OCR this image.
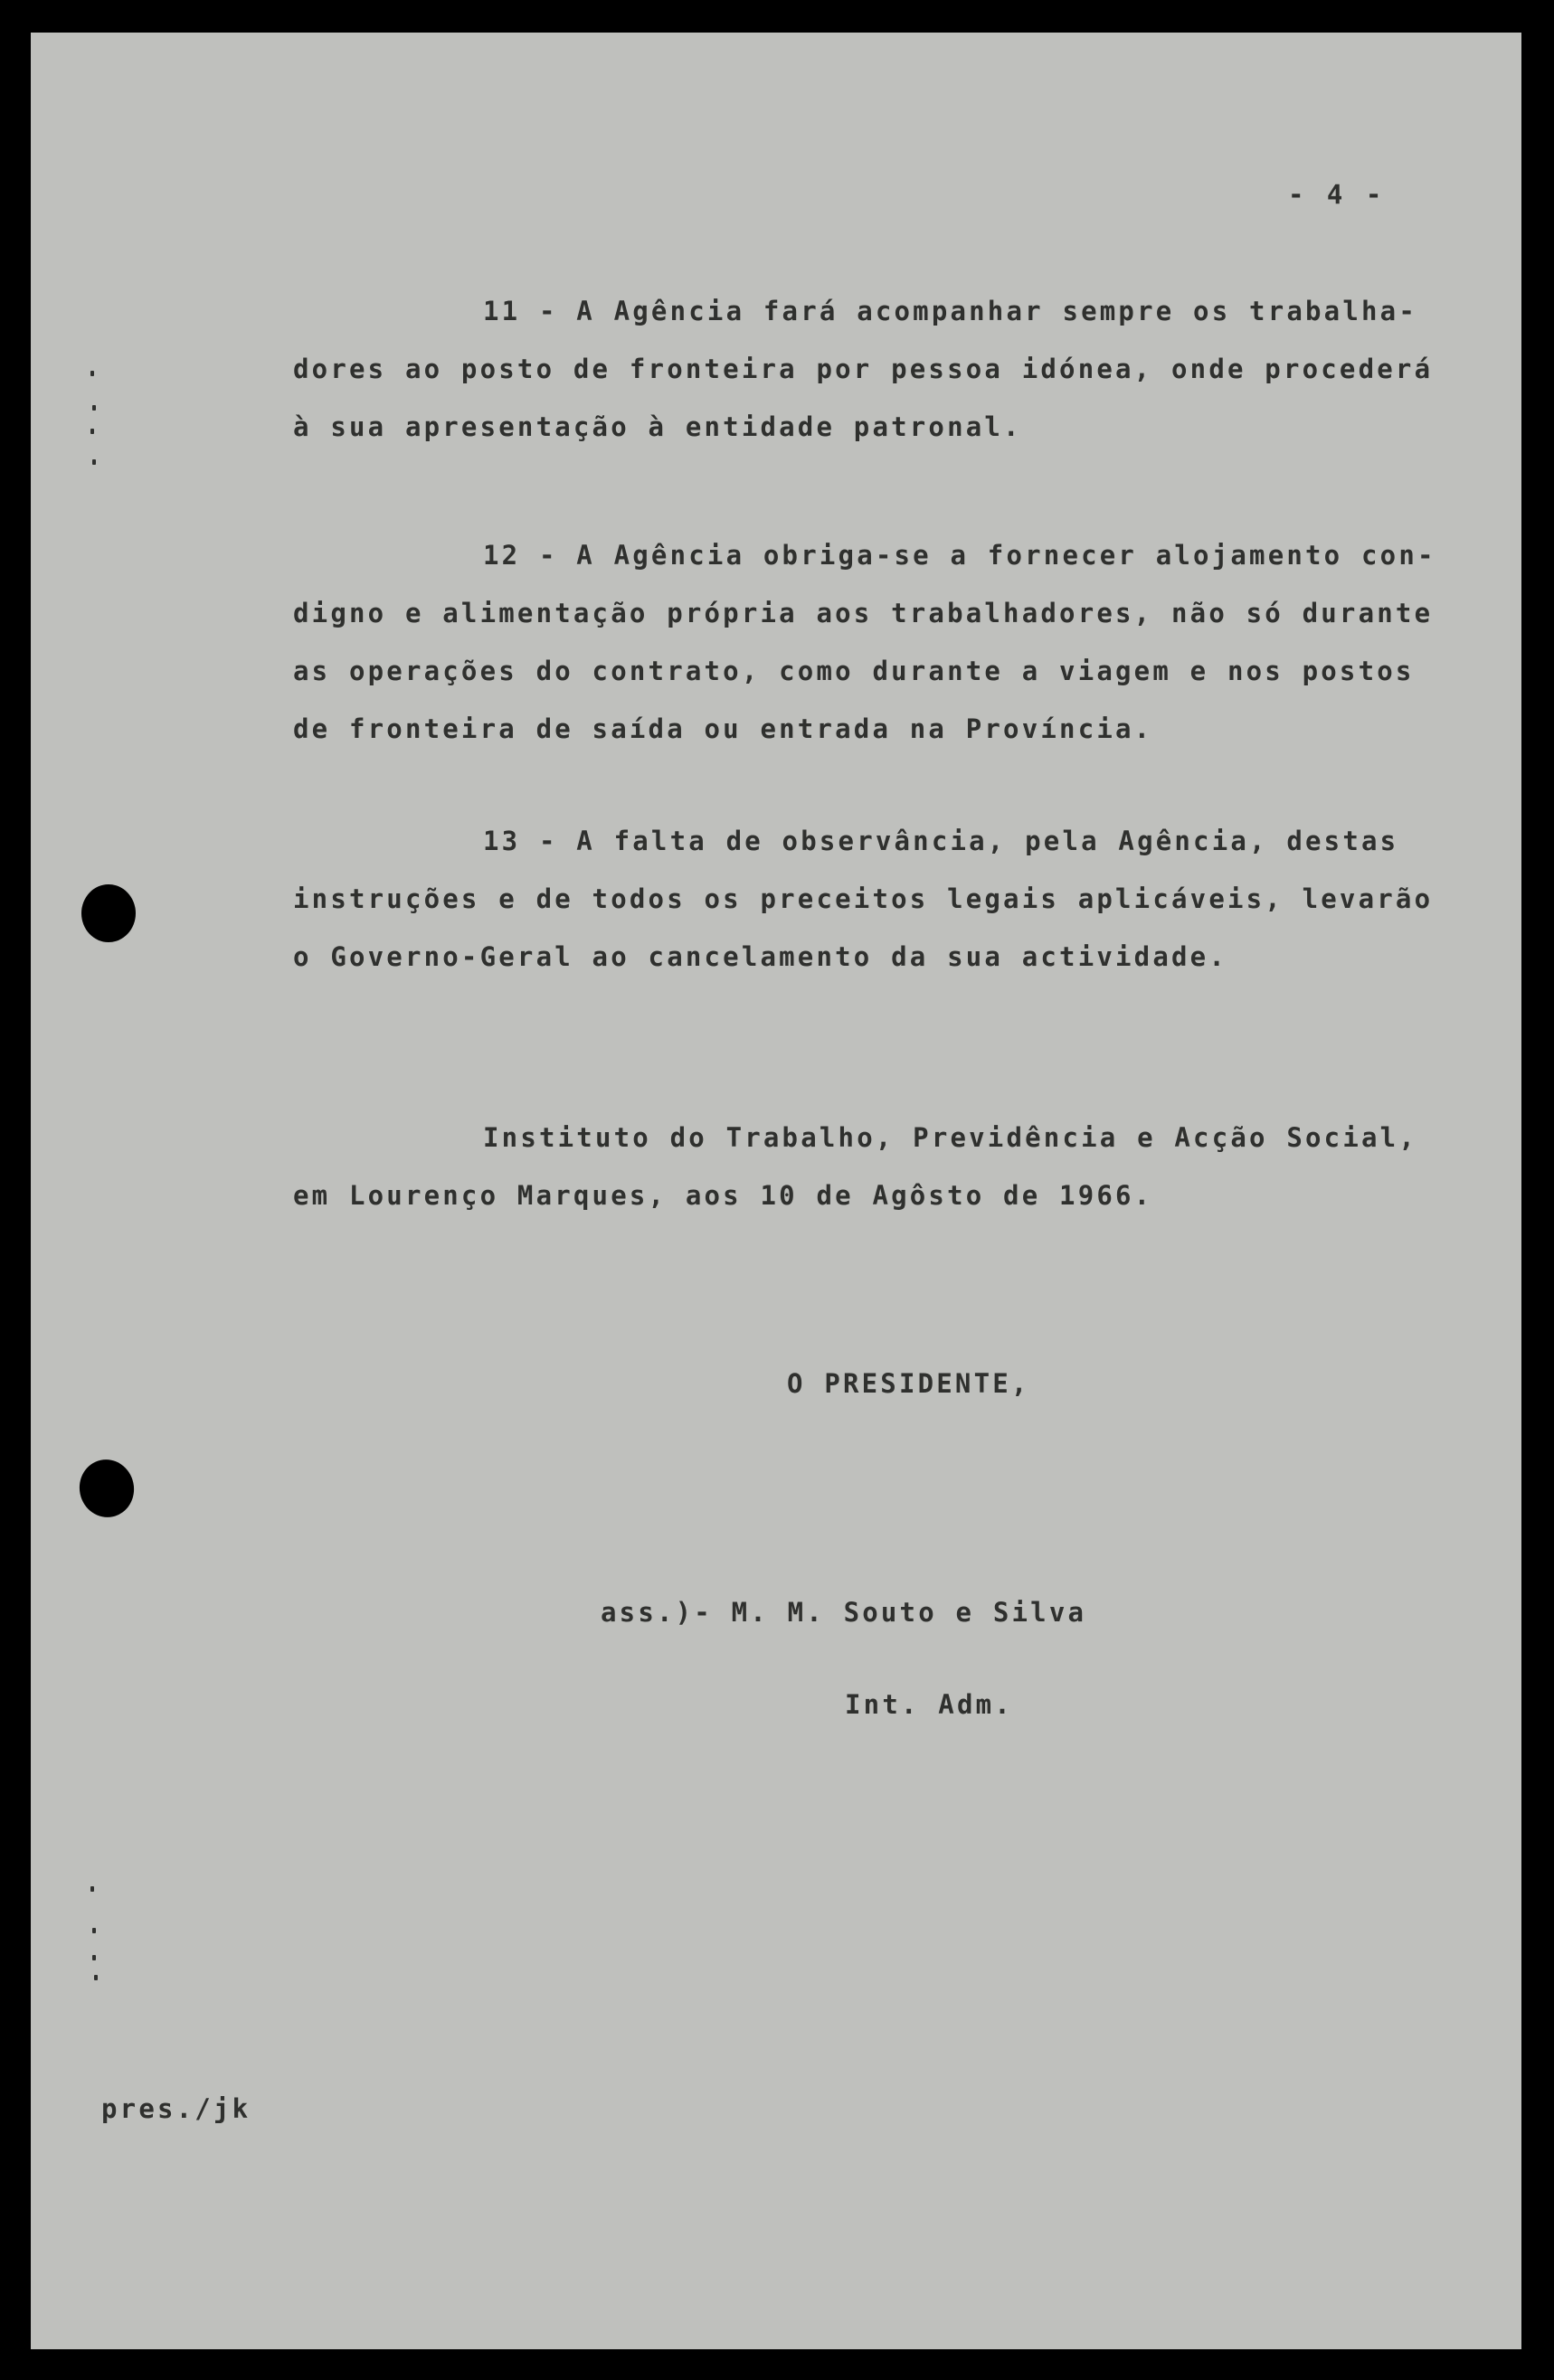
- 4 -

11 - A Agência fará acompanhar sempre os trabalha-
dores ao posto de fronteira por pessoa idónea, onde procederá
à sua apresentação à entidade patronal.
12 - A Agência obriga-se a fornecer alojamento con-
digno e alimentação própria aos trabalhadores, não só durante
as operações do contrato, como durante a viagem e nos postos
de fronteira de saída ou entrada na Província.
13 - A falta de observância, pela Agência, destas
instruções e de todos os preceitos legais aplicáveis, levarão
o Governo-Geral ao cancelamento da sua actividade.
Instituto do Trabalho, Previdência e Acção Social,
em Lourenço Marques, aos 10 de Agôsto de 1966.

O PRESIDENTE,

ass.)- M. M. Souto e Silva

Int. Adm.

pres./jk
